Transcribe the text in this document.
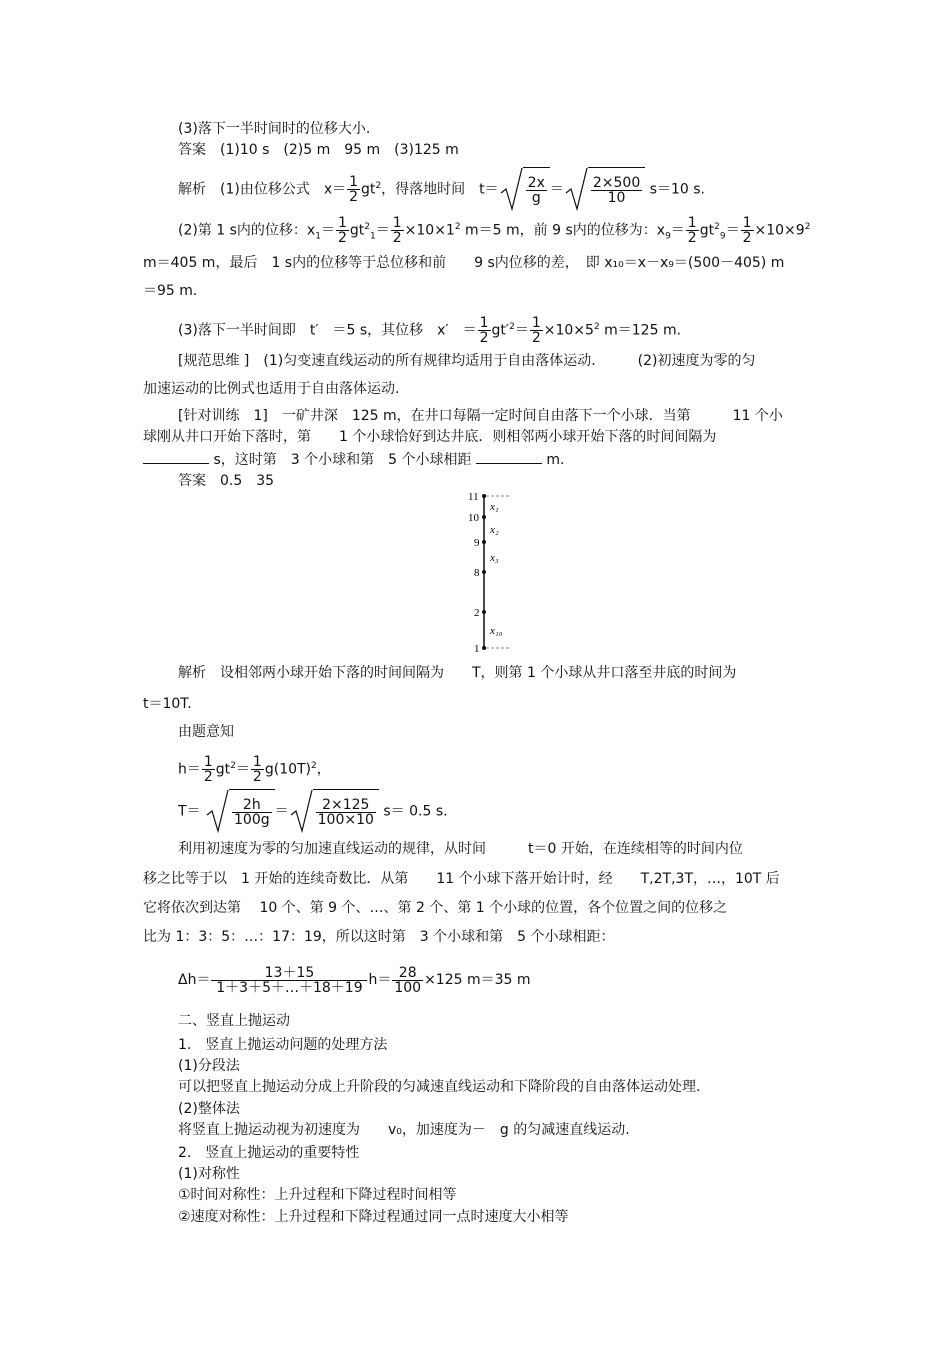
(3)落下一半时间时的位移大小.
答案　(1)10 s　(2)5 m　95 m　(3)125 m
解析　(1)由位移公式　$x= \frac{1}{2} gt^2$，得落地时间　$t= \frac{2x}{g} = \frac{2\times 500}{10} s=10$ s.
(2)第 1 s内的位移：$x_1= \frac{1}{2} gt^2_1= \frac{1}{2} \times 10\times 1^2$ m＝5 m，前 9 s内的位移为：$x_9= \frac{1}{2} gt^2_9= \frac{1}{2} \times 10\times 9^2$
m＝405 m，最后　1 s内的位移等于总位移和前　　9 s内位移的差，　即 x₁₀＝x－x₉＝(500－405) m
＝95 m.
(3)落下一半时间即　t′　＝5 s，其位移　x′　＝ $\frac{1}{2} gt'^2= \frac{1}{2} \times 10\times 5^2$ m＝125 m.
[规范思维 ]　(1)匀变速直线运动的所有规律均适用于自由落体运动.　　　(2)初速度为零的匀
加速运动的比例式也适用于自由落体运动.
[针对训练　1]　一矿井深　125 m，在井口每隔一定时间自由落下一个小球．当第　　　11 个小
球刚从井口开始下落时，第　　1 个小球恰好到达井底．则相邻两小球开始下落的时间间隔为
s，这时第　3 个小球和第　5 个小球相距	m.
答案　0.5　35
11
10
9
8
2
1
x₁
x₂
x₃
x₁₀
解析　设相邻两小球开始下落的时间间隔为　　T，则第 1 个小球从井口落至井底的时间为
t＝10T.
由题意知
$h= \frac{1}{2} gt^2= \frac{1}{2} g(10T)^2$，
$T= \frac{2h}{100g} = \frac{2\times 125}{100\times 10} s= 0.5$ s.
利用初速度为零的匀加速直线运动的规律，从时间　　　t＝0 开始，在连续相等的时间内位
移之比等于以　1 开始的连续奇数比．从第　　11 个小球下落开始计时，经　　T,2T,3T，…，10T 后
它将依次到达第　 10 个、第 9 个、…、第 2 个、第 1 个小球的位置，各个位置之间的位移之
比为 1：3：5：…：17：19，所以这时第　3 个小球和第　5 个小球相距：
$\Delta h= \frac{13+15}{1+3+5+\dots+18+19} h= \frac{28}{100} \times 125$ m＝35 m
二、竖直上抛运动
1.　竖直上抛运动问题的处理方法
(1)分段法
可以把竖直上抛运动分成上升阶段的匀减速直线运动和下降阶段的自由落体运动处理.
(2)整体法
将竖直上抛运动视为初速度为　　v₀，加速度为－　g 的匀减速直线运动.
2.　竖直上抛运动的重要特性
(1)对称性
①时间对称性：上升过程和下降过程时间相等
②速度对称性：上升过程和下降过程通过同一点时速度大小相等
